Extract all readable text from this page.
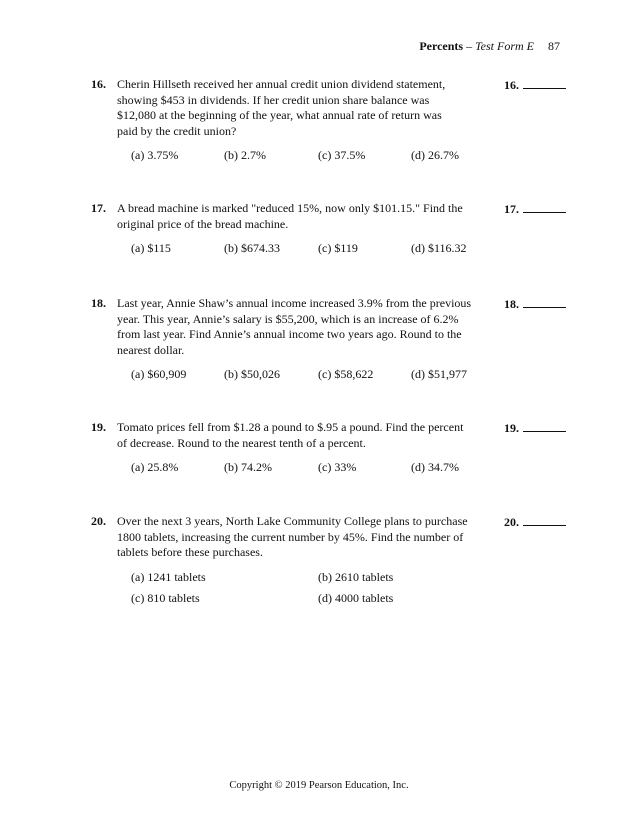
Percents – Test Form E 87
16. Cherin Hillseth received her annual credit union dividend statement,
showing $453 in dividends. If her credit union share balance was
$12,080 at the beginning of the year, what annual rate of return was
paid by the credit union?
16.
(a) 3.75%	(b) 2.7%	(c) 37.5%	(d) 26.7%
17. A bread machine is marked "reduced 15%, now only $101.15." Find the
original price of the bread machine.
17.
(a) $115	(b) $674.33	(c) $119	(d) $116.32
18. Last year, Annie Shaw’s annual income increased 3.9% from the previous
year. This year, Annie’s salary is $55,200, which is an increase of 6.2%
from last year. Find Annie’s annual income two years ago. Round to the
nearest dollar.
18.
(a) $60,909	(b) $50,026	(c) $58,622	(d) $51,977
19. Tomato prices fell from $1.28 a pound to $.95 a pound. Find the percent
of decrease. Round to the nearest tenth of a percent.
19.
(a) 25.8%	(b) 74.2%	(c) 33%	(d) 34.7%
20. Over the next 3 years, North Lake Community College plans to purchase
1800 tablets, increasing the current number by 45%. Find the number of
tablets before these purchases.
20.
(a) 1241 tablets	(b) 2610 tablets
(c) 810 tablets	(d) 4000 tablets
Copyright © 2019 Pearson Education, Inc.
